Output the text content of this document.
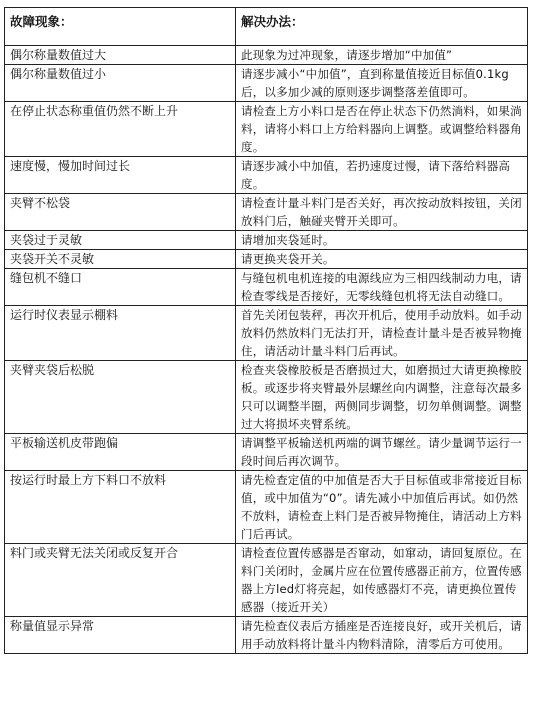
故障现象：	解决办法：
偶尔称量数值过大	此现象为过冲现象，请逐步增加“中加值”
偶尔称量数值过小	请逐步减小“中加值”，直到称量值接近目标值0.1kg后，以多加少减的原则逐步调整落差值即可。
在停止状态称重值仍然不断上升	请检查上方小料口是否在停止状态下仍然淌料，如果淌料，请将小料口上方给料器向上调整。或调整给料器角度。
速度慢，慢加时间过长	请逐步减小中加值，若扔速度过慢，请下落给料器高度。
夹臂不松袋	请检查计量斗料门是否关好，再次按动放料按钮，关闭放料门后，触碰夹臂开关即可。
夹袋过于灵敏	请增加夹袋延时。
夹袋开关不灵敏	请更换夹袋开关。
缝包机不缝口	与缝包机电机连接的电源线应为三相四线制动力电，请检查零线是否接好，无零线缝包机将无法自动缝口。
运行时仪表显示棚料	首先关闭包装秤，再次开机后，使用手动放料。如手动放料仍然放料门无法打开，请检查计量斗是否被异物掩住，请活动计量斗料门后再试。
夹臂夹袋后松脱	检查夹袋橡胶板是否磨损过大，如磨损过大请更换橡胶板。或逐步将夹臂最外层螺丝向内调整，注意每次最多只可以调整半圈，两侧同步调整，切勿单侧调整。调整过大将损坏夹臂系统。
平板输送机皮带跑偏	请调整平板输送机两端的调节螺丝。请少量调节运行一段时间后再次调节。
按运行时最上方下料口不放料	请先检查定值的中加值是否大于目标值或非常接近目标值，或中加值为“0”。请先减小中加值后再试。如仍然不放料，请检查上料门是否被异物掩住，请活动上方料门后再试。
料门或夹臂无法关闭或反复开合	请检查位置传感器是否窜动，如窜动，请回复原位。在料门关闭时，金属片应在位置传感器正前方，位置传感器上方led灯将亮起，如传感器灯不亮，请更换位置传感器（接近开关）
称量值显示异常	请先检查仪表后方插座是否连接良好，或开关机后，请用手动放料将计量斗内物料清除，清零后方可使用。
